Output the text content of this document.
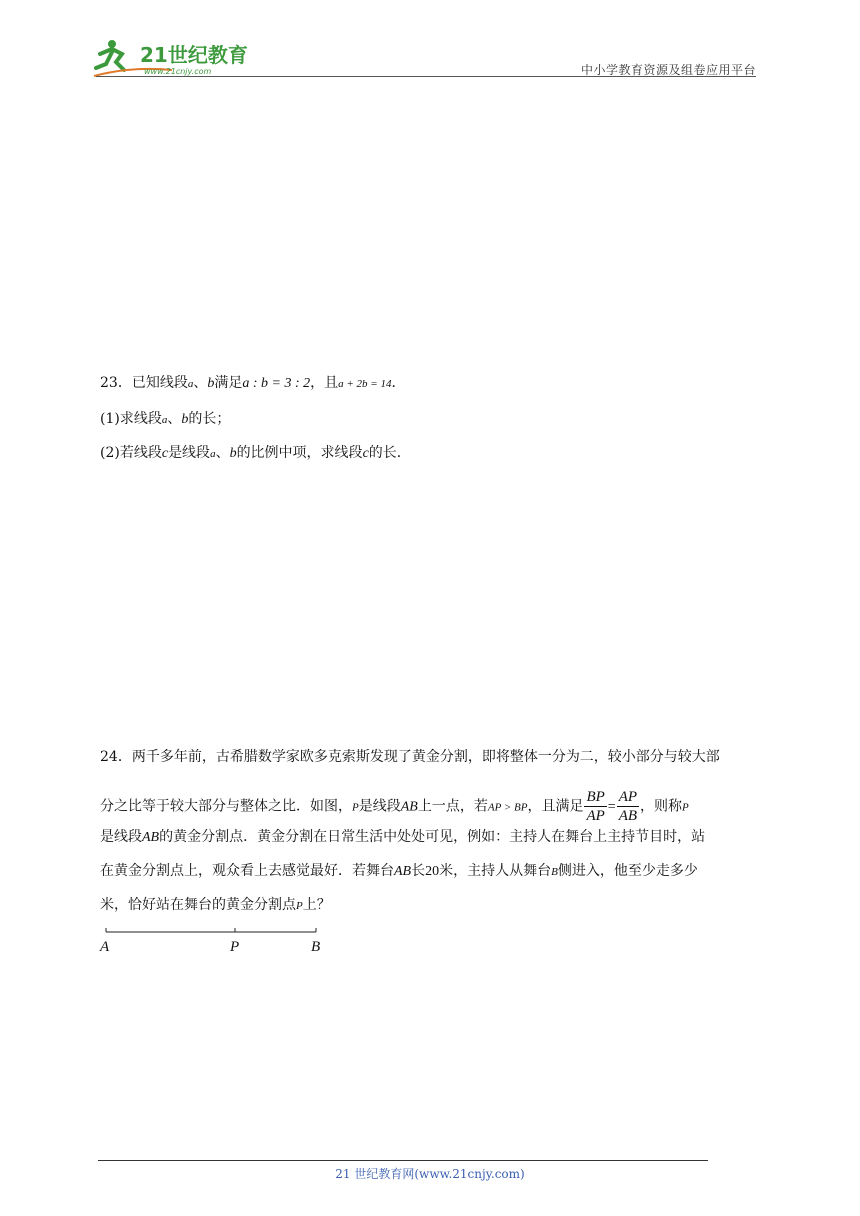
21世纪教育
www.21cnjy.com	中小学教育资源及组卷应用平台
23．已知线段a、b满足a : b = 3 : 2，且a + 2b = 14．
(1)求线段a、b的长；
(2)若线段c是线段a、b的比例中项，求线段c的长．
24．两千多年前，古希腊数学家欧多克索斯发现了黄金分割，即将整体一分为二，较小部分与较大部
分之比等于较大部分与整体之比．如图，P是线段AB上一点，若AP > BP，且满足 $\frac{BP}{AP} = \frac{AP}{AB}$ ，则称P
是线段AB的黄金分割点．黄金分割在日常生活中处处可见，例如：主持人在舞台上主持节目时，站
在黄金分割点上，观众看上去感觉最好．若舞台AB长20米，主持人从舞台B侧进入，他至少走多少
米，恰好站在舞台的黄金分割点P上？
A	P	B
21 世纪教育网(www.21cnjy.com)
